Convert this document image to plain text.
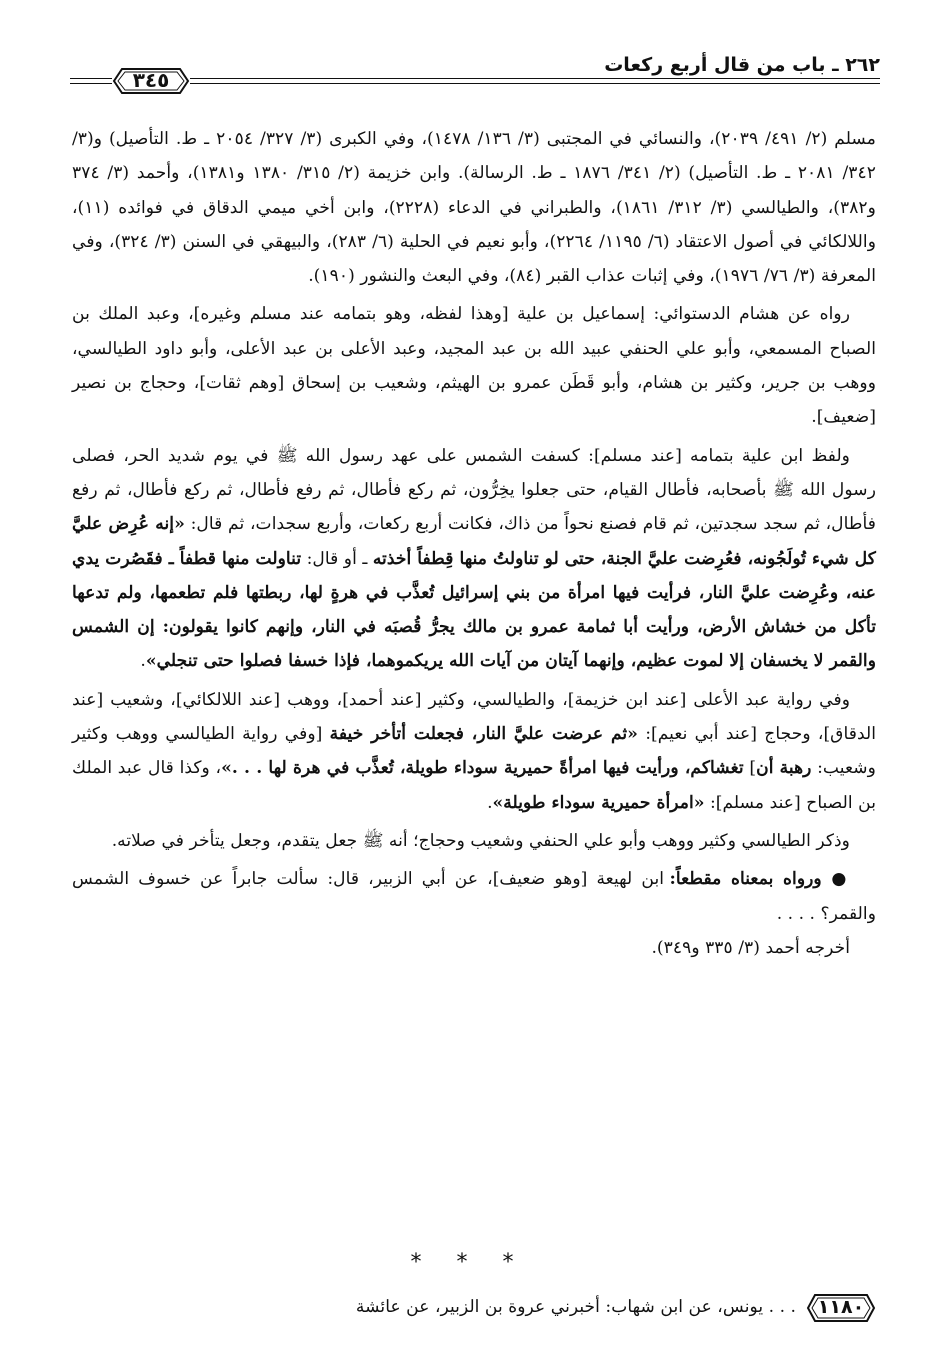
٢٦٢ ـ باب من قال أربع ركعات
٣٤٥

مسلم (٢/ ٤٩١/ ٢٠٣٩)، والنسائي في المجتبى (٣/ ١٣٦/ ١٤٧٨)، وفي الكبرى (٣/ ٣٢٧/ ٢٠٥٤ ـ ط. التأصيل) و(٣/ ٣٤٢/ ٢٠٨١ ـ ط. التأصيل) (٢/ ٣٤١/ ١٨٧٦ ـ ط. الرسالة). وابن خزيمة (٢/ ٣١٥/ ١٣٨٠ و١٣٨١)، وأحمد (٣/ ٣٧٤ و٣٨٢)، والطيالسي (٣/ ٣١٢/ ١٨٦١)، والطبراني في الدعاء (٢٢٢٨)، وابن أخي ميمي الدقاق في فوائده (١١)، واللالكائي في أصول الاعتقاد (٦/ ١١٩٥/ ٢٢٦٤)، وأبو نعيم في الحلية (٦/ ٢٨٣)، والبيهقي في السنن (٣/ ٣٢٤)، وفي المعرفة (٣/ ٧٦/ ١٩٧٦)، وفي إثبات عذاب القبر (٨٤)، وفي البعث والنشور (١٩٠).

رواه عن هشام الدستوائي: إسماعيل بن علية [وهذا لفظه، وهو بتمامه عند مسلم وغيره]، وعبد الملك بن الصباح المسمعي، وأبو علي الحنفي عبيد الله بن عبد المجيد، وعبد الأعلى بن عبد الأعلى، وأبو داود الطيالسي، ووهب بن جرير، وكثير بن هشام، وأبو قَطَن عمرو بن الهيثم، وشعيب بن إسحاق [وهم ثقات]، وحجاج بن نصير [ضعيف].

ولفظ ابن علية بتمامه [عند مسلم]: كسفت الشمس على عهد رسول الله ﷺ في يوم شديد الحر، فصلى رسول الله ﷺ بأصحابه، فأطال القيام، حتى جعلوا يخِرُّون، ثم ركع فأطال، ثم رفع فأطال، ثم ركع فأطال، ثم رفع فأطال، ثم سجد سجدتين، ثم قام فصنع نحواً من ذاك، فكانت أربع ركعات، وأربع سجدات، ثم قال: «إنه عُرِض عليَّ كل شيء تُولَجُونه، فعُرِضت عليَّ الجنة، حتى لو تناولتُ منها قِطفاً أخذته ـ أو قال: تناولت منها قطفاً ـ فقَصُرت يدي عنه، وعُرِضت عليَّ النار، فرأيت فيها امرأة من بني إسرائيل تُعذَّب في هرةٍ لها، ربطتها فلم تطعمها، ولم تدعها تأكل من خشاش الأرض، ورأيت أبا ثمامة عمرو بن مالك يجرُّ قُصبَه في النار، وإنهم كانوا يقولون: إن الشمس والقمر لا يخسفان إلا لموت عظيم، وإنهما آيتان من آيات الله يريكموهما، فإذا خسفا فصلوا حتى تنجلي».

وفي رواية عبد الأعلى [عند ابن خزيمة]، والطيالسي، وكثير [عند أحمد]، ووهب [عند اللالكائي]، وشعيب [عند الدقاق]، وحجاج [عند أبي نعيم]: «ثم عرضت عليَّ النار، فجعلت أتأخر خيفة [وفي رواية الطيالسي ووهب وكثير وشعيب: رهبة أن] تغشاكم، ورأيت فيها امرأةً حميرية سوداء طويلة، تُعذَّب في هرة لها . . .»، وكذا قال عبد الملك بن الصباح [عند مسلم]: «امرأة حميرية سوداء طويلة».

وذكر الطيالسي وكثير ووهب وأبو علي الحنفي وشعيب وحجاج؛ أنه ﷺ جعل يتقدم، وجعل يتأخر في صلاته.

● ورواه بمعناه مقطعاً: ابن لهيعة [وهو ضعيف]، عن أبي الزبير، قال: سألت جابراً عن خسوف الشمس والقمر؟ . . . .

أخرجه أحمد (٣/ ٣٣٥ و٣٤٩).

* * *
١١٨٠
. . . يونس، عن ابن شهاب: أخبرني عروة بن الزبير، عن عائشة
